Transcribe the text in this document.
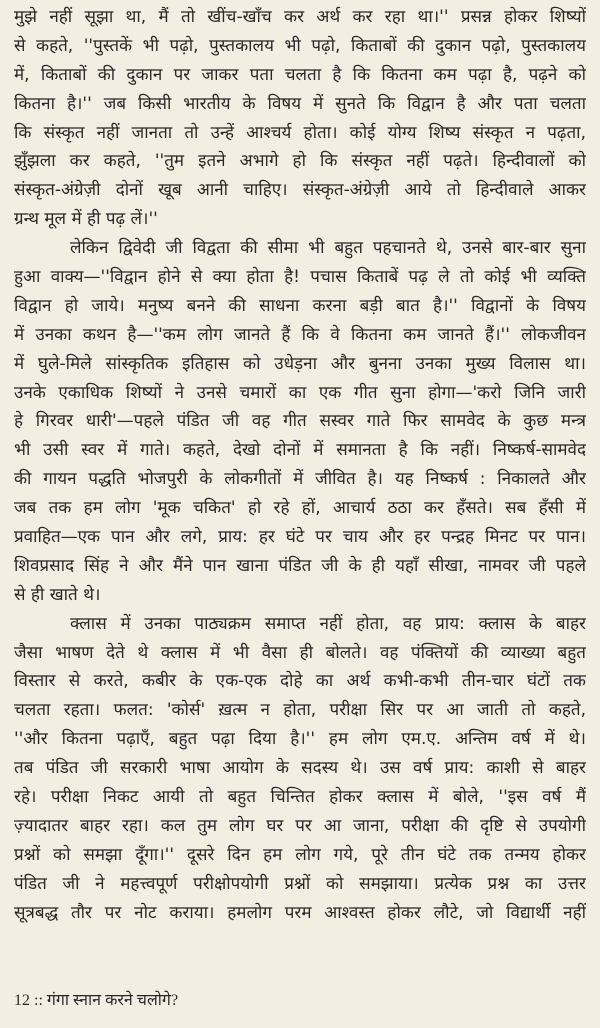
मुझे नहीं सूझा था, मैं तो खींच-खाँच कर अर्थ कर रहा था।'' प्रसन्न होकर शिष्यों
से कहते, ''पुस्तकें भी पढ़ो, पुस्तकालय भी पढ़ो, किताबों की दुकान पढ़ो, पुस्तकालय
में, किताबों की दुकान पर जाकर पता चलता है कि कितना कम पढ़ा है, पढ़ने को
कितना है।'' जब किसी भारतीय के विषय में सुनते कि विद्वान है और पता चलता
कि संस्कृत नहीं जानता तो उन्हें आश्चर्य होता। कोई योग्य शिष्य संस्कृत न पढ़ता,
झुँझला कर कहते, ''तुम इतने अभागे हो कि संस्कृत नहीं पढ़ते। हिन्दीवालों को
संस्कृत-अंग्रेज़ी दोनों खूब आनी चाहिए। संस्कृत-अंग्रेज़ी आये तो हिन्दीवाले आकर
ग्रन्थ मूल में ही पढ़ लें।''
लेकिन द्विवेदी जी विद्वता की सीमा भी बहुत पहचानते थे, उनसे बार-बार सुना
हुआ वाक्य—''विद्वान होने से क्या होता है! पचास किताबें पढ़ ले तो कोई भी व्यक्ति
विद्वान हो जाये। मनुष्य बनने की साधना करना बड़ी बात है।'' विद्वानों के विषय
में उनका कथन है—''कम लोग जानते हैं कि वे कितना कम जानते हैं।'' लोकजीवन
में घुले-मिले सांस्कृतिक इतिहास को उधेड़ना और बुनना उनका मुख्य विलास था।
उनके एकाधिक शिष्यों ने उनसे चमारों का एक गीत सुना होगा—'करो जिनि जारी
हे गिरवर धारी'—पहले पंडित जी वह गीत सस्वर गाते फिर सामवेद के कुछ मन्त्र
भी उसी स्वर में गाते। कहते, देखो दोनों में समानता है कि नहीं। निष्कर्ष-सामवेद
की गायन पद्धति भोजपुरी के लोकगीतों में जीवित है। यह निष्कर्ष : निकालते और
जब तक हम लोग 'मूक चकित' हो रहे हों, आचार्य ठठा कर हँसते। सब हँसी में
प्रवाहित—एक पान और लगे, प्राय: हर घंटे पर चाय और हर पन्द्रह मिनट पर पान।
शिवप्रसाद सिंह ने और मैंने पान खाना पंडित जी के ही यहाँ सीखा, नामवर जी पहले
से ही खाते थे।
क्लास में उनका पाठ्यक्रम समाप्त नहीं होता, वह प्राय: क्लास के बाहर
जैसा भाषण देते थे क्लास में भी वैसा ही बोलते। वह पंक्तियों की व्याख्या बहुत
विस्तार से करते, कबीर के एक-एक दोहे का अर्थ कभी-कभी तीन-चार घंटों तक
चलता रहता। फलत: 'कोर्स' ख़त्म न होता, परीक्षा सिर पर आ जाती तो कहते,
''और कितना पढ़ाएँ, बहुत पढ़ा दिया है।'' हम लोग एम.ए. अन्तिम वर्ष में थे।
तब पंडित जी सरकारी भाषा आयोग के सदस्य थे। उस वर्ष प्राय: काशी से बाहर
रहे। परीक्षा निकट आयी तो बहुत चिन्तित होकर क्लास में बोले, ''इस वर्ष मैं
ज़्यादातर बाहर रहा। कल तुम लोग घर पर आ जाना, परीक्षा की दृष्टि से उपयोगी
प्रश्नों को समझा दूँगा।'' दूसरे दिन हम लोग गये, पूरे तीन घंटे तक तन्मय होकर
पंडित जी ने महत्त्वपूर्ण परीक्षोपयोगी प्रश्नों को समझाया। प्रत्येक प्रश्न का उत्तर
सूत्रबद्ध तौर पर नोट कराया। हमलोग परम आश्वस्त होकर लौटे, जो विद्यार्थी नहीं
12 :: गंगा स्नान करने चलोगे?
